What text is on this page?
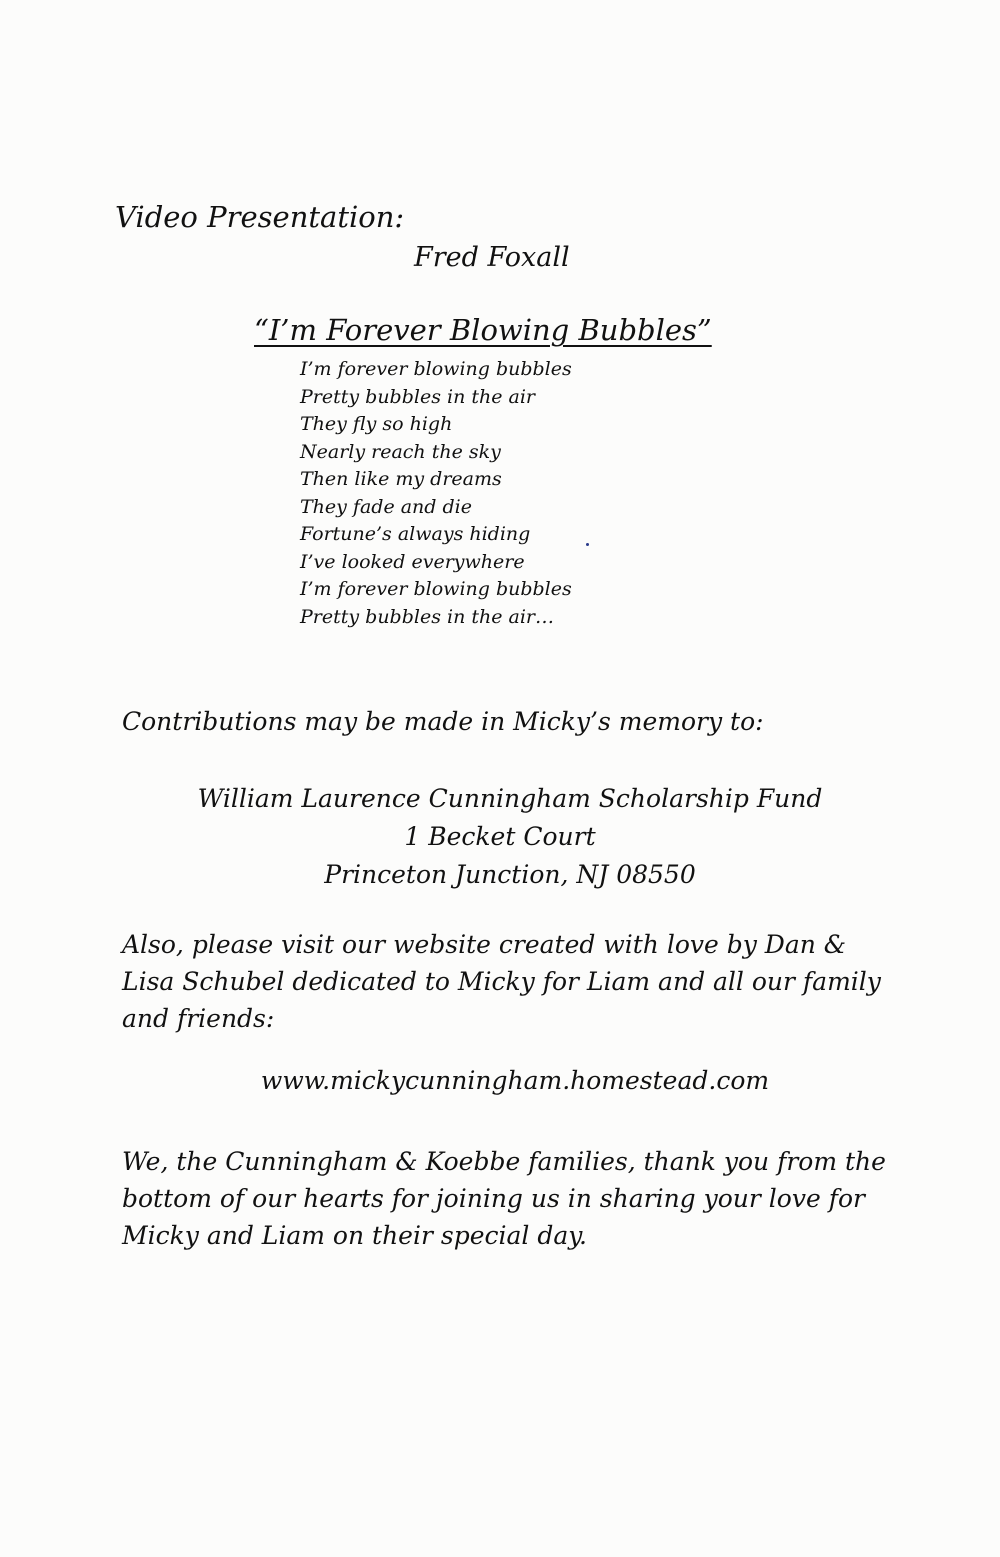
Video Presentation:
Fred Foxall
“I’m Forever Blowing Bubbles”
I’m forever blowing bubbles
Pretty bubbles in the air
They fly so high
Nearly reach the sky
Then like my dreams
They fade and die
Fortune’s always hiding
I’ve looked everywhere
I’m forever blowing bubbles
Pretty bubbles in the air…
Contributions may be made in Micky’s memory to:
William Laurence Cunningham Scholarship Fund
1 Becket Court
Princeton Junction, NJ 08550
Also, please visit our website created with love by Dan & Lisa Schubel dedicated to Micky for Liam and all our family and friends:
www.mickycunningham.homestead.com
We, the Cunningham & Koebbe families, thank you from the bottom of our hearts for joining us in sharing your love for Micky and Liam on their special day.
